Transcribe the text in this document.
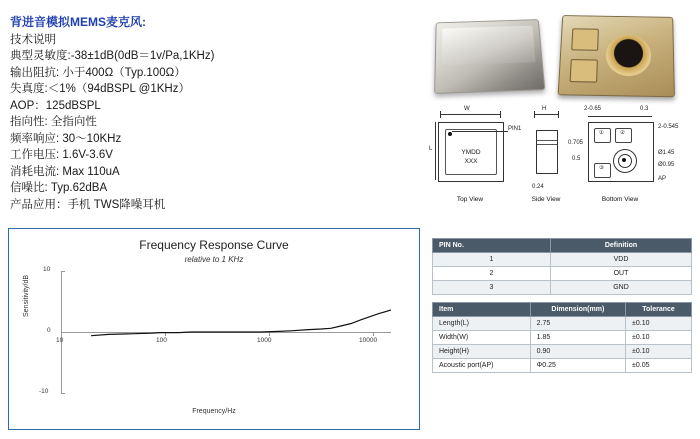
背进音模拟MEMS麦克风:
技术说明
典型灵敏度:-38±1dB(0dB＝1v/Pa,1KHz)
输出阻抗: 小于400Ω（Typ.100Ω）
失真度:＜1%（94dBSPL @1KHz）
AOP：125dBSPL
指向性: 全指向性
频率响应: 30～10KHz
工作电压: 1.6V-3.6V
消耗电流: Max 110uA
信噪比: Typ.62dBA
产品应用：手机 TWS降噪耳机
W
L	YMDD
XXX
PIN1
Top View
H
0.24
Side View
2-0.65	0.3
2-0.545
Ø1.45
Ø0.95
AP
0.705
0.5
①	②
③
Bottom View
Frequency Response Curve
relative to 1 KHz
Sensitivity/dB
Frequency/Hz
10
0
-10
10	100	1000	10000
PIN No.	Definition
1	VDD
2	OUT
3	GND
Item	Dimension(mm)	Tolerance
Length(L)	2.75	±0.10
Width(W)	1.85	±0.10
Height(H)	0.90	±0.10
Acoustic port(AP)	Φ0.25	±0.05
